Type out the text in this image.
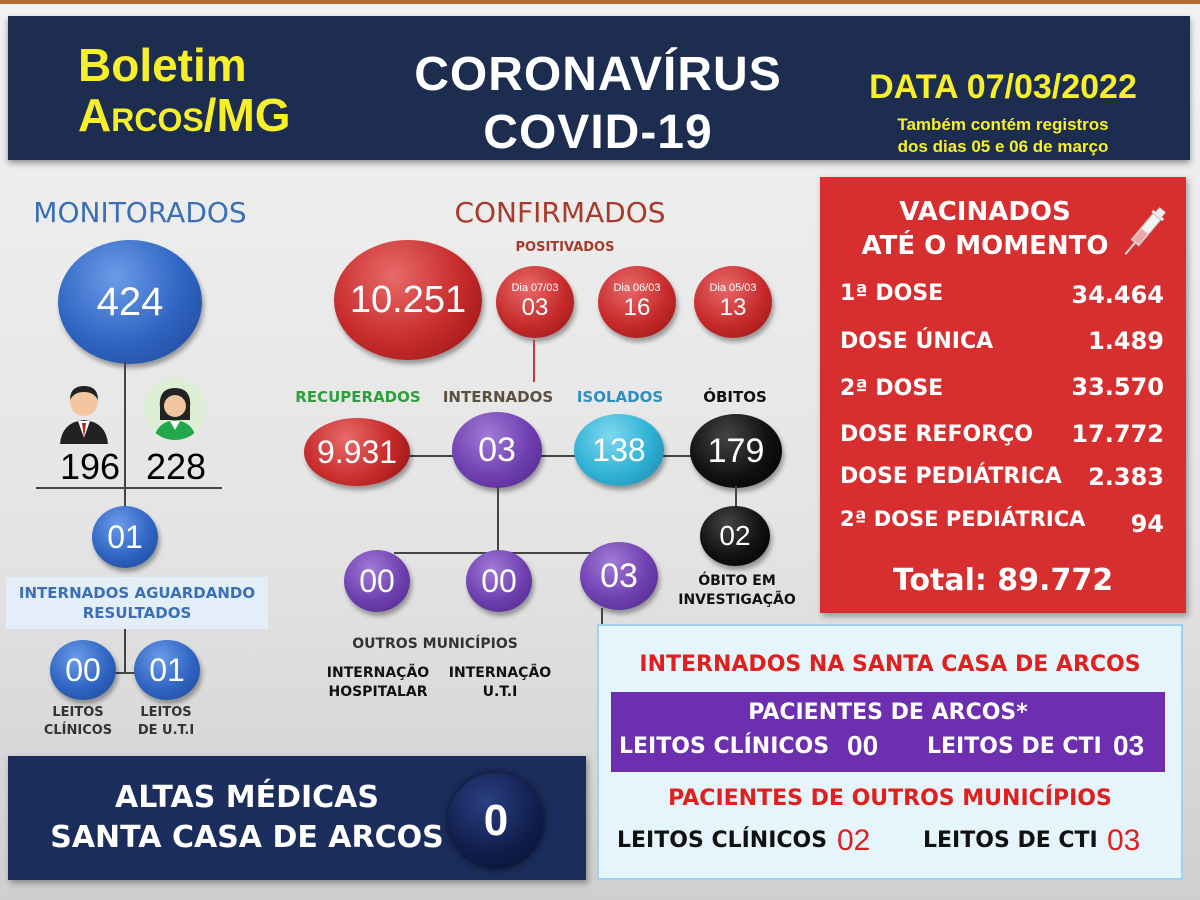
Boletim
Arcos/MG
CORONAVÍRUS
COVID-19
DATA 07/03/2022
Também contém registros
dos dias 05 e 06 de março
MONITORADOS
424
196 228
01
INTERNADOS AGUARDANDO
RESULTADOS
00 01
LEITOS
CLÍNICOS
LEITOS
DE U.T.I
CONFIRMADOS
POSITIVADOS
10.251	Dia 07/03
03
Dia 06/03
16
Dia 05/03
13
RECUPERADOS	INTERNADOS	ISOLADOS	ÓBITOS
9.931 03 138 179
02
ÓBITO EM
INVESTIGAÇÃO
00	00 03
OUTROS MUNICÍPIOS
INTERNAÇÃO
HOSPITALAR
INTERNAÇÃO
U.T.I
VACINADOS
ATÉ O MOMENTO
1ª DOSE	34.464
DOSE ÚNICA	1.489
2ª DOSE	33.570
DOSE REFORÇO 17.772
DOSE PEDIÁTRICA 2.383
2ª DOSE PEDIÁTRICA 94
Total: 89.772
INTERNADOS NA SANTA CASA DE ARCOS
PACIENTES DE ARCOS*
LEITOS CLÍNICOS 00 LEITOS DE CTI 03
PACIENTES DE OUTROS MUNICÍPIOS
LEITOS CLÍNICOS 02 LEITOS DE CTI 03
ALTAS MÉDICAS
SANTA CASA DE ARCOS 0
